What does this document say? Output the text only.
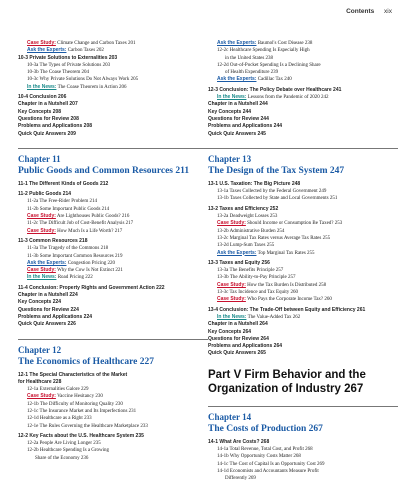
Contents xix
Case Study: Climate Change and Carbon Taxes 201
Ask the Experts: Carbon Taxes 202
10-3 Private Solutions to Externalities 203
10-3a The Types of Private Solutions 203
10-3b The Coase Theorem 204
10-3c Why Private Solutions Do Not Always Work 205
In the News: The Coase Theorem in Action 206
10-4 Conclusion 206
Chapter in a Nutshell 207
Key Concepts 208
Questions for Review 208
Problems and Applications 208
Quick Quiz Answers 209
Chapter 11
Public Goods and Common Resources 211
11-1 The Different Kinds of Goods 212
11-2 Public Goods 214
11-2a The Free-Rider Problem 214
11-2b Some Important Public Goods 214
Case Study: Are Lighthouses Public Goods? 216
11-2c The Difficult Job of Cost-Benefit Analysis 217
Case Study: How Much Is a Life Worth? 217
11-3 Common Resources 218
11-3a The Tragedy of the Commons 218
11-3b Some Important Common Resources 219
Ask the Experts: Congestion Pricing 220
Case Study: Why the Cow Is Not Extinct 221
In the News: Road Pricing 222
11-4 Conclusion: Property Rights and Government Action 222
Chapter in a Nutshell 224
Key Concepts 224
Questions for Review 224
Problems and Applications 224
Quick Quiz Answers 226
Chapter 12
The Economics of Healthcare 227
12-1 The Special Characteristics of the Market
for Healthcare 228
12-1a Externalities Galore 229
Case Study: Vaccine Hesitancy 230
12-1b The Difficulty of Monitoring Quality 230
12-1c The Insurance Market and Its Imperfections 231
12-1d Healthcare as a Right 233
12-1e The Rules Governing the Healthcare Marketplace 233
12-2 Key Facts about the U.S. Healthcare System 235
12-2a People Are Living Longer 235
12-2b Healthcare Spending Is a Growing
Share of the Economy 236
Ask the Experts: Baumol's Cost Disease 238
12-2c Healthcare Spending Is Especially High
in the United States 238
12-2d Out-of-Pocket Spending Is a Declining Share
of Health Expenditure 239
Ask the Experts: Cadillac Tax 240
12-3 Conclusion: The Policy Debate over Healthcare 241
In the News: Lessons from the Pandemic of 2020 242
Chapter in a Nutshell 244
Key Concepts 244
Questions for Review 244
Problems and Applications 244
Quick Quiz Answers 245
Chapter 13
The Design of the Tax System 247
13-1 U.S. Taxation: The Big Picture 248
13-1a Taxes Collected by the Federal Government 249
13-1b Taxes Collected by State and Local Governments 251
13-2 Taxes and Efficiency 252
13-2a Deadweight Losses 253
Case Study: Should Income or Consumption Be Taxed? 253
13-2b Administrative Burden 254
13-2c Marginal Tax Rates versus Average Tax Rates 255
13-2d Lump-Sum Taxes 255
Ask the Experts: Top Marginal Tax Rates 255
13-3 Taxes and Equity 256
13-3a The Benefits Principle 257
13-3b The Ability-to-Pay Principle 257
Case Study: How the Tax Burden Is Distributed 258
13-3c Tax Incidence and Tax Equity 260
Case Study: Who Pays the Corporate Income Tax? 260
13-4 Conclusion: The Trade-Off between Equity and Efficiency 261
In the News: The Value-Added Tax 262
Chapter in a Nutshell 264
Key Concepts 264
Questions for Review 264
Problems and Applications 264
Quick Quiz Answers 265
Part V Firm Behavior and the
Organization of Industry 267
Chapter 14
The Costs of Production 267
14-1 What Are Costs? 268
14-1a Total Revenue, Total Cost, and Profit 268
14-1b Why Opportunity Costs Matter 268
14-1c The Cost of Capital Is an Opportunity Cost 269
14-1d Economists and Accountants Measure Profit
Differently 269
